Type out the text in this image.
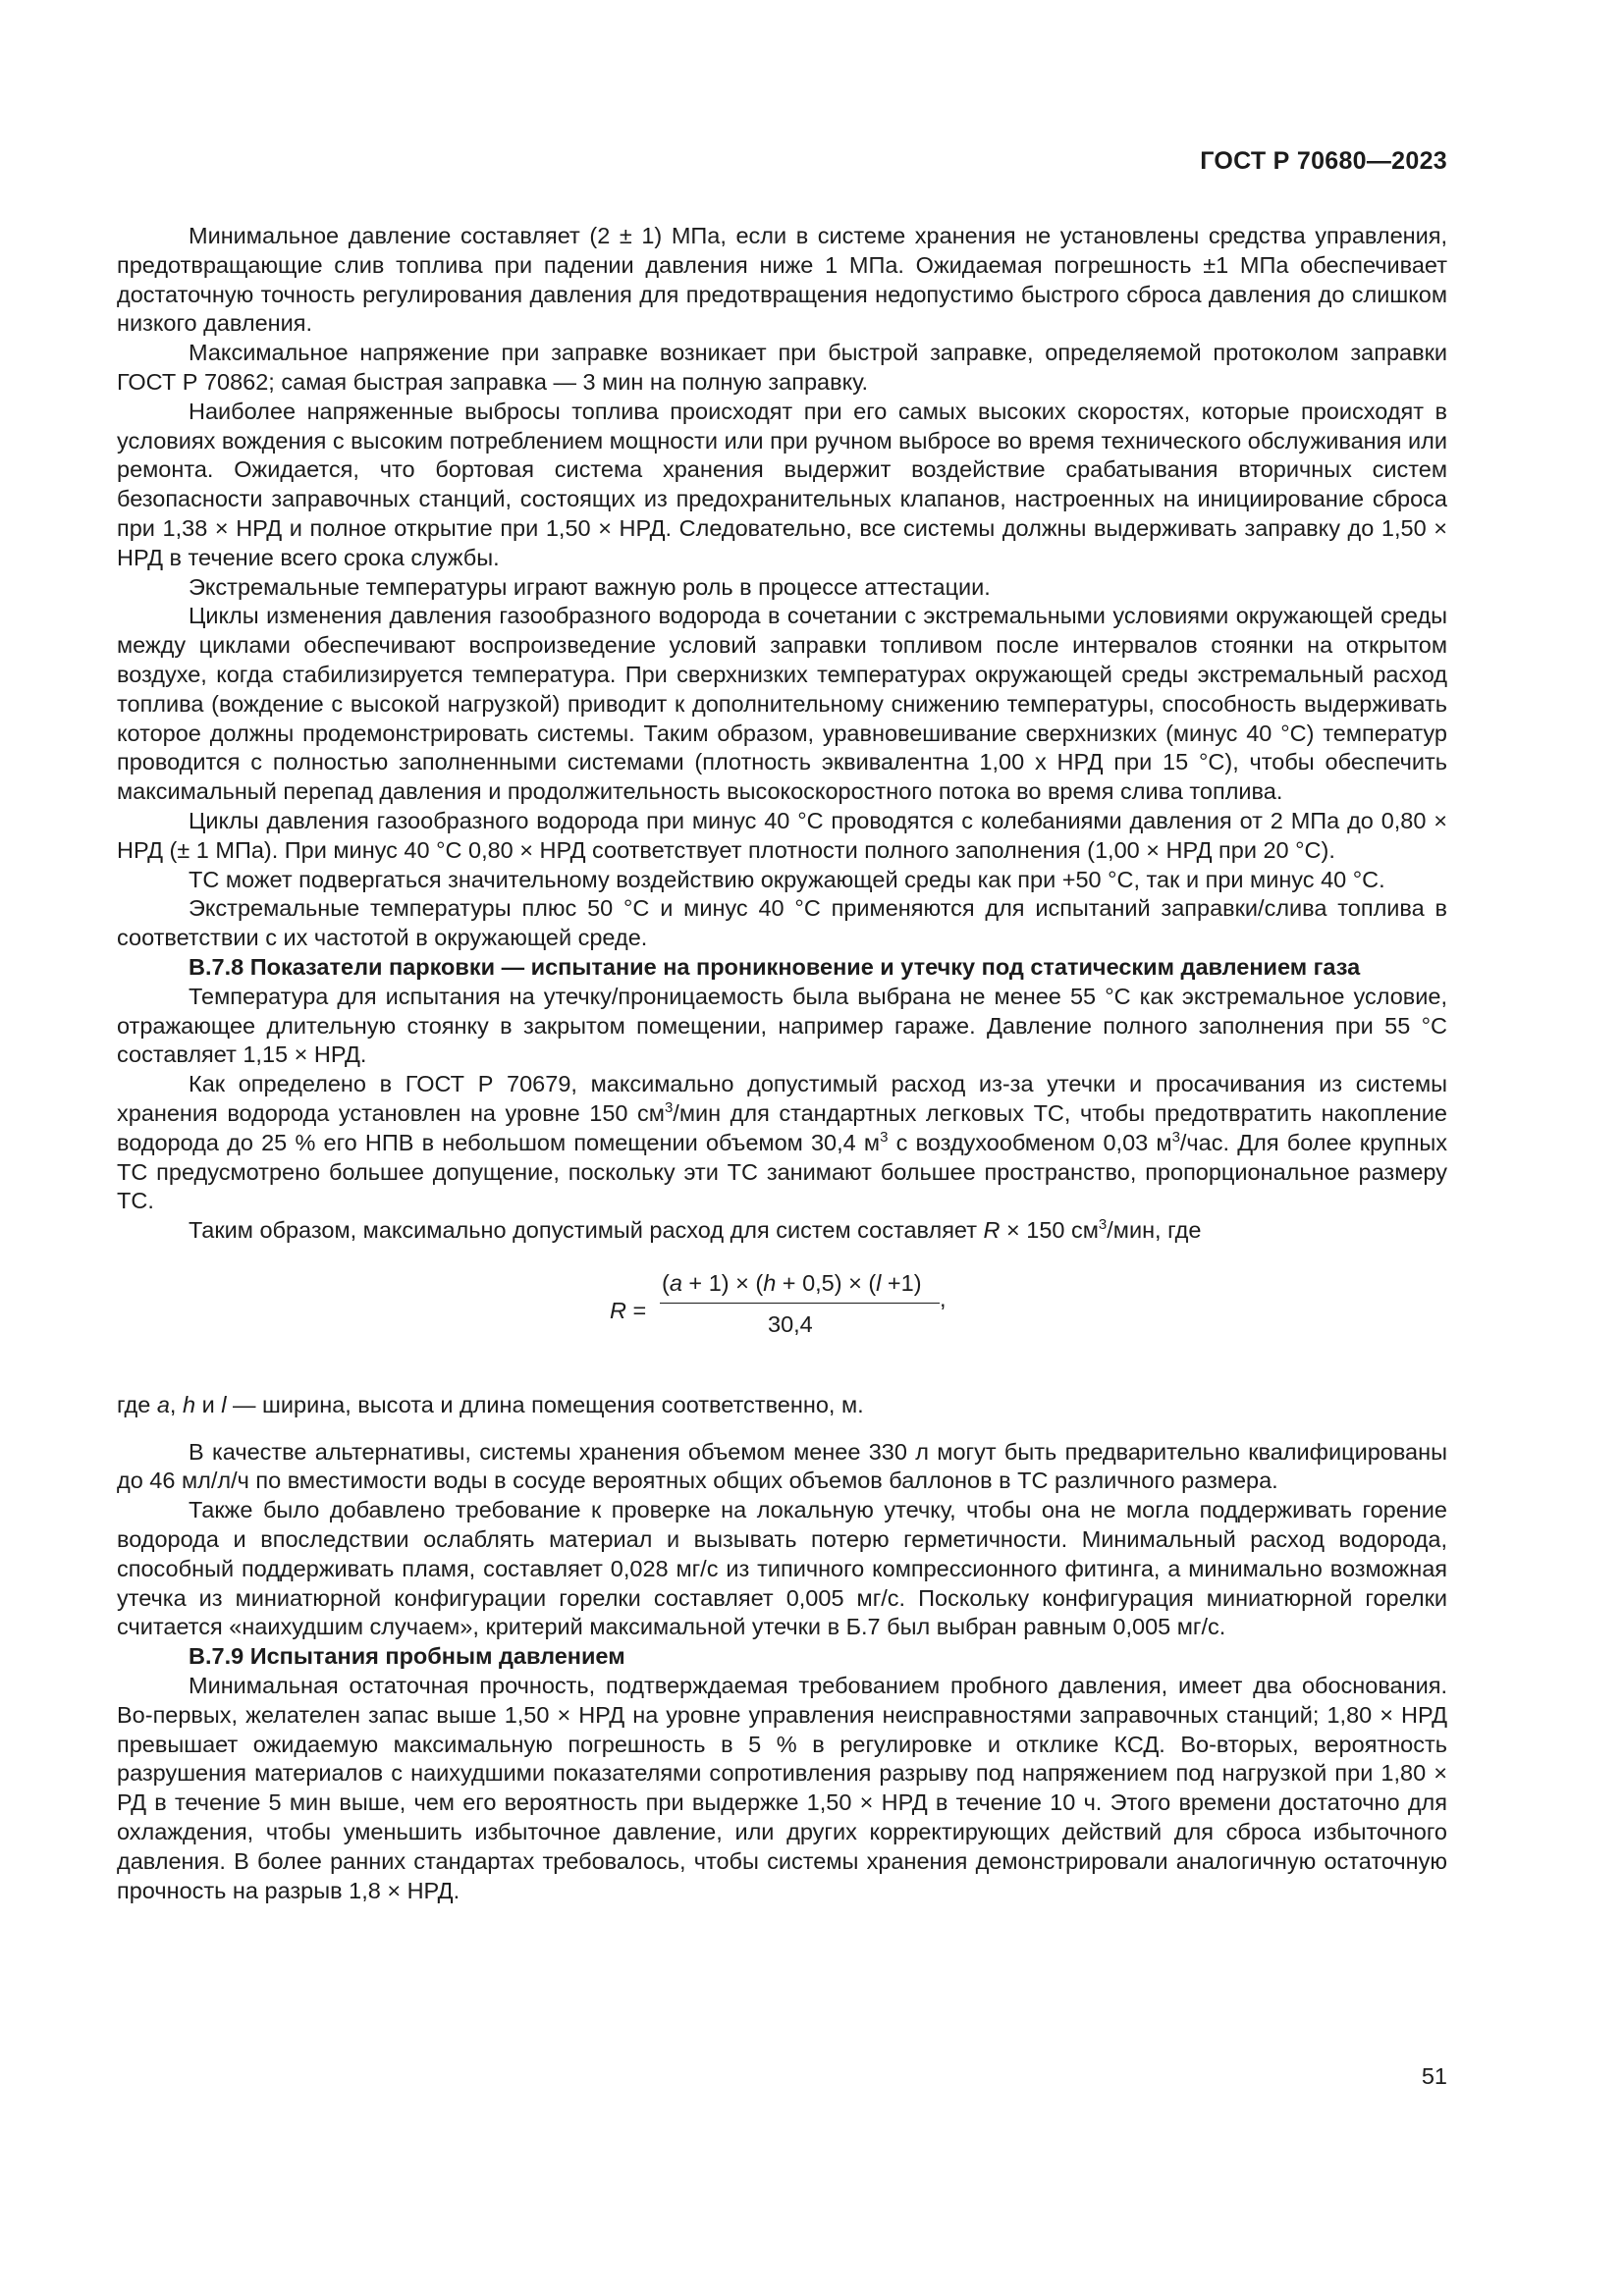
ГОСТ Р 70680—2023

Минимальное давление составляет (2 ± 1) МПа, если в системе хранения не установлены средства управления, предотвращающие слив топлива при падении давления ниже 1 МПа. Ожидаемая погрешность ±1 МПа обеспечивает достаточную точность регулирования давления для предотвращения недопустимо быстрого сброса давления до слишком низкого давления.

Максимальное напряжение при заправке возникает при быстрой заправке, определяемой протоколом заправки ГОСТ Р 70862; самая быстрая заправка — 3 мин на полную заправку.

Наиболее напряженные выбросы топлива происходят при его самых высоких скоростях, которые происходят в условиях вождения с высоким потреблением мощности или при ручном выбросе во время технического обслуживания или ремонта. Ожидается, что бортовая система хранения выдержит воздействие срабатывания вторичных систем безопасности заправочных станций, состоящих из предохранительных клапанов, настроенных на инициирование сброса при 1,38 × НРД и полное открытие при 1,50 × НРД. Следовательно, все системы должны выдерживать заправку до 1,50 × НРД в течение всего срока службы.

Экстремальные температуры играют важную роль в процессе аттестации.

Циклы изменения давления газообразного водорода в сочетании с экстремальными условиями окружающей среды между циклами обеспечивают воспроизведение условий заправки топливом после интервалов стоянки на открытом воздухе, когда стабилизируется температура. При сверхнизких температурах окружающей среды экстремальный расход топлива (вождение с высокой нагрузкой) приводит к дополнительному снижению температуры, способность выдерживать которое должны продемонстрировать системы. Таким образом, уравновешивание сверхнизких (минус 40 °С) температур проводится с полностью заполненными системами (плотность эквивалентна 1,00 х НРД при 15 °С), чтобы обеспечить максимальный перепад давления и продолжительность высокоскоростного потока во время слива топлива.

Циклы давления газообразного водорода при минус 40 °С проводятся с колебаниями давления от 2 МПа до 0,80 × НРД (± 1 МПа). При минус 40 °С 0,80 × НРД соответствует плотности полного заполнения (1,00 × НРД при 20 °С).

ТС может подвергаться значительному воздействию окружающей среды как при +50 °С, так и при минус 40 °С.

Экстремальные температуры плюс 50 °С и минус 40 °С применяются для испытаний заправки/слива топлива в соответствии с их частотой в окружающей среде.

В.7.8 Показатели парковки — испытание на проникновение и утечку под статическим давлением газа

Температура для испытания на утечку/проницаемость была выбрана не менее 55 °С как экстремальное условие, отражающее длительную стоянку в закрытом помещении, например гараже. Давление полного заполнения при 55 °С составляет 1,15 × НРД.

Как определено в ГОСТ Р 70679, максимально допустимый расход из-за утечки и просачивания из системы хранения водорода установлен на уровне 150 $см^3$/мин для стандартных легковых ТС, чтобы предотвратить накопление водорода до 25 % его НПВ в небольшом помещении объемом 30,4 $м^3$ с воздухообменом 0,03 $м^3$/час. Для более крупных ТС предусмотрено большее допущение, поскольку эти ТС занимают большее пространство, пропорциональное размеру ТС.

Таким образом, максимально допустимый расход для систем составляет R × 150 $см^3$/мин, где

R =
(a + 1) × (h + 0,5) × (l +1)
,
30,4

где a, h и l — ширина, высота и длина помещения соответственно, м.

В качестве альтернативы, системы хранения объемом менее 330 л могут быть предварительно квалифицированы до 46 мл/л/ч по вместимости воды в сосуде вероятных общих объемов баллонов в ТС различного размера.

Также было добавлено требование к проверке на локальную утечку, чтобы она не могла поддерживать горение водорода и впоследствии ослаблять материал и вызывать потерю герметичности. Минимальный расход водорода, способный поддерживать пламя, составляет 0,028 мг/с из типичного компрессионного фитинга, а минимально возможная утечка из миниатюрной конфигурации горелки составляет 0,005 мг/с. Поскольку конфигурация миниатюрной горелки считается «наихудшим случаем», критерий максимальной утечки в Б.7 был выбран равным 0,005 мг/с.

В.7.9 Испытания пробным давлением

Минимальная остаточная прочность, подтверждаемая требованием пробного давления, имеет два обоснования. Во-первых, желателен запас выше 1,50 × НРД на уровне управления неисправностями заправочных станций; 1,80 × НРД превышает ожидаемую максимальную погрешность в 5 % в регулировке и отклике КСД. Во-вторых, вероятность разрушения материалов с наихудшими показателями сопротивления разрыву под напряжением под нагрузкой при 1,80 × РД в течение 5 мин выше, чем его вероятность при выдержке 1,50 × НРД в течение 10 ч. Этого времени достаточно для охлаждения, чтобы уменьшить избыточное давление, или других корректирующих действий для сброса избыточного давления. В более ранних стандартах требовалось, чтобы системы хранения демонстрировали аналогичную остаточную прочность на разрыв 1,8 × НРД.

51
